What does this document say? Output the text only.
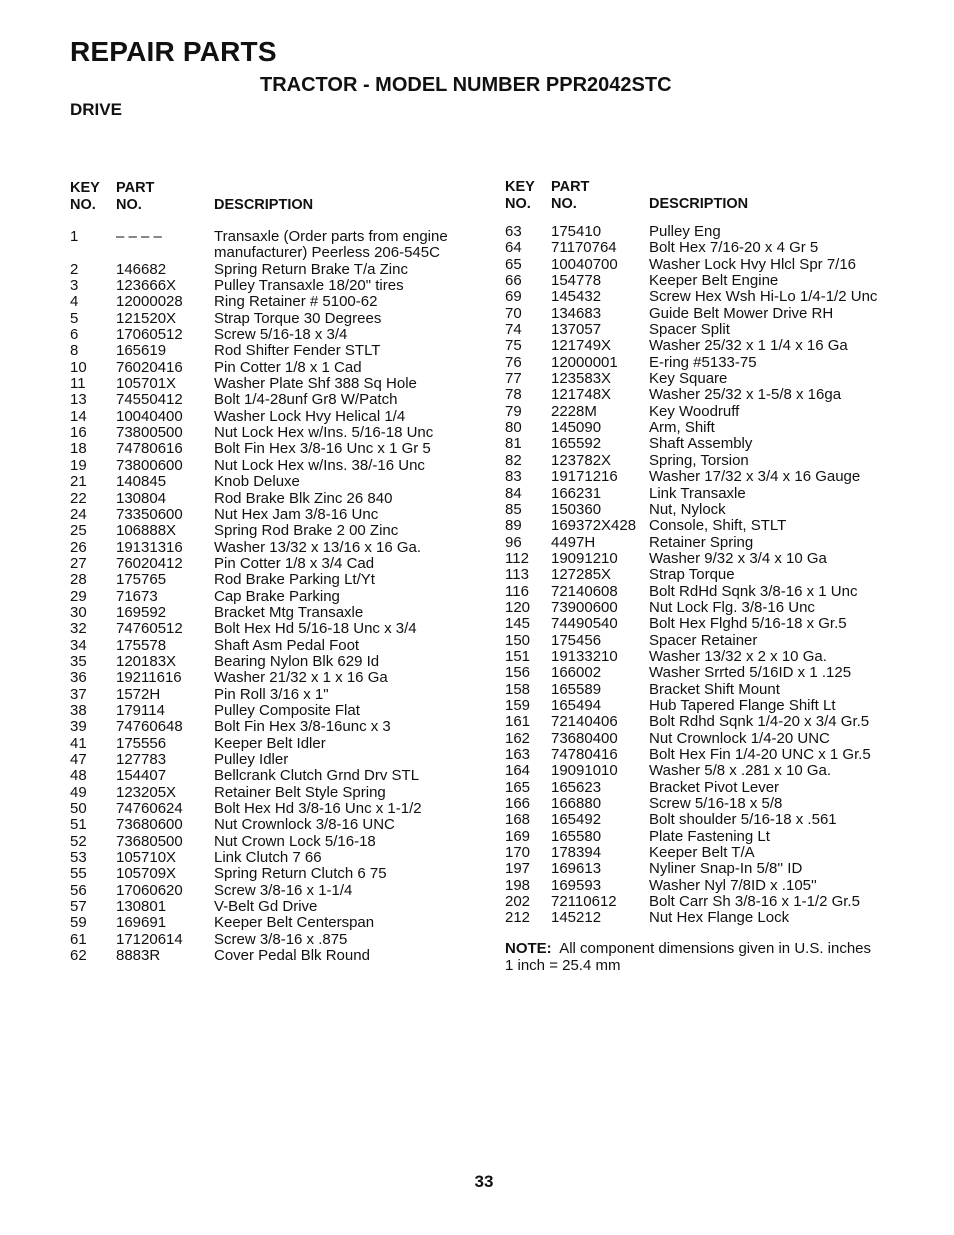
REPAIR PARTS
TRACTOR - MODEL NUMBER PPR2042STC
DRIVE
KEY
NO.
PART
NO.
	DESCRIPTION
1	– – – –	Transaxle (Order parts from engine
manufacturer) Peerless 206-545C
2	146682	Spring Return Brake T/a Zinc
3	123666X	Pulley Transaxle 18/20" tires
4	12000028	Ring Retainer # 5100-62
5	121520X	Strap Torque 30 Degrees
6	17060512	Screw 5/16-18 x 3/4
8	165619	Rod Shifter Fender STLT
10	76020416	Pin Cotter 1/8 x 1 Cad
11	105701X	Washer Plate Shf 388 Sq Hole
13	74550412	Bolt 1/4-28unf Gr8 W/Patch
14	10040400	Washer Lock Hvy Helical 1/4
16	73800500	Nut Lock Hex w/Ins. 5/16-18 Unc
18	74780616	Bolt Fin Hex 3/8-16 Unc x 1 Gr 5
19	73800600	Nut Lock Hex w/Ins. 38/-16 Unc
21	140845	Knob Deluxe
22	130804	Rod Brake Blk Zinc 26 840
24	73350600	Nut Hex Jam 3/8-16 Unc
25	106888X	Spring Rod Brake 2 00 Zinc
26	19131316	Washer 13/32 x 13/16 x 16 Ga.
27	76020412	Pin Cotter 1/8 x 3/4 Cad
28	175765	Rod Brake Parking Lt/Yt
29	71673	Cap Brake Parking
30	169592	Bracket Mtg Transaxle
32	74760512	Bolt Hex Hd 5/16-18 Unc x 3/4
34	175578	Shaft Asm Pedal Foot
35	120183X	Bearing Nylon Blk 629 Id
36	19211616	Washer 21/32 x 1 x 16 Ga
37	1572H	Pin Roll 3/16 x 1"
38	179114	Pulley Composite Flat
39	74760648	Bolt Fin Hex 3/8-16unc x 3
41	175556	Keeper Belt Idler
47	127783	Pulley Idler
48	154407	Bellcrank Clutch Grnd Drv STL
49	123205X	Retainer Belt Style Spring
50	74760624	Bolt Hex Hd 3/8-16 Unc x 1-1/2
51	73680600	Nut Crownlock 3/8-16 UNC
52	73680500	Nut Crown Lock 5/16-18
53	105710X	Link Clutch 7 66
55	105709X	Spring Return Clutch 6 75
56	17060620	Screw 3/8-16 x 1-1/4
57	130801	V-Belt Gd Drive
59	169691	Keeper Belt Centerspan
61	17120614	Screw 3/8-16 x .875
62	8883R	Cover Pedal Blk Round
KEY
NO.
PART
NO.
	DESCRIPTION
63	175410	Pulley Eng
64	71170764	Bolt Hex 7/16-20 x 4 Gr 5
65	10040700	Washer Lock Hvy Hlcl Spr 7/16
66	154778	Keeper Belt Engine
69	145432	Screw Hex Wsh Hi-Lo 1/4-1/2 Unc
70	134683	Guide Belt Mower Drive RH
74	137057	Spacer Split
75	121749X	Washer 25/32 x 1 1/4 x 16 Ga
76	12000001	E-ring #5133-75
77	123583X	Key Square
78	121748X	Washer 25/32 x 1-5/8 x 16ga
79	2228M	Key Woodruff
80	145090	Arm, Shift
81	165592	Shaft Assembly
82	123782X	Spring, Torsion
83	19171216	Washer 17/32 x 3/4 x 16 Gauge
84	166231	Link Transaxle
85	150360	Nut, Nylock
89	169372X428 Console, Shift, STLT
96	4497H	Retainer Spring
112	19091210	Washer 9/32 x 3/4 x 10 Ga
113	127285X	Strap Torque
116	72140608	Bolt RdHd Sqnk 3/8-16 x 1 Unc
120	73900600	Nut Lock Flg. 3/8-16 Unc
145	74490540	Bolt Hex Flghd 5/16-18 x Gr.5
150	175456	Spacer Retainer
151	19133210	Washer 13/32 x 2 x 10 Ga.
156	166002	Washer Srrted 5/16ID x 1 .125
158	165589	Bracket Shift Mount
159	165494	Hub Tapered Flange Shift Lt
161	72140406	Bolt Rdhd Sqnk 1/4-20 x 3/4 Gr.5
162	73680400	Nut Crownlock 1/4-20 UNC
163	74780416	Bolt Hex Fin 1/4-20 UNC x 1 Gr.5
164	19091010	Washer 5/8 x .281 x 10 Ga.
165	165623	Bracket Pivot Lever
166	166880	Screw 5/16-18 x 5/8
168	165492	Bolt shoulder 5/16-18 x .561
169	165580	Plate Fastening Lt
170	178394	Keeper Belt T/A
197	169613	Nyliner Snap-In 5/8'' ID
198	169593	Washer Nyl 7/8ID x .105''
202	72110612	Bolt Carr Sh 3/8-16 x 1-1/2 Gr.5
212	145212	Nut Hex Flange Lock
NOTE: All component dimensions given in U.S. inches
1 inch = 25.4 mm
33
